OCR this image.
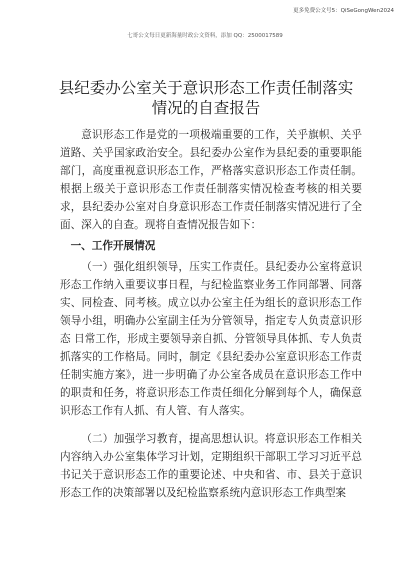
更多免费公文号5：QiSeGongWen2024
七哥公文每日更新海量时政公文资料，添加 QQ：2500017589
县纪委办公室关于意识形态工作责任制落实情况的自查报告

意识形态工作是党的一项极端重要的工作，关乎旗帜、关乎道路、关乎国家政治安全。县纪委办公室作为县纪委的重要职能部门，高度重视意识形态工作，严格落实意识形态工作责任制。根据上级关于意识形态工作责任制落实情况检查考核的相关要求，县纪委办公室对自身意识形态工作责任制落实情况进行了全面、深入的自查。现将自查情况报告如下：

一、工作开展情况

（一）强化组织领导，压实工作责任。县纪委办公室将意识形态工作纳入重要议事日程，与纪检监察业务工作同部署、同落实、同检查、同考核。成立以办公室主任为组长的意识形态工作领导小组，明确办公室副主任为分管领导，指定专人负责意识形态 日常工作，形成主要领导亲自抓、分管领导具体抓、专人负责 抓落实的工作格局。同时，制定《县纪委办公室意识形态工作责 任制实施方案》，进一步明确了办公室各成员在意识形态工作中 的职责和任务，将意识形态工作责任细化分解到每个人，确保意 识形态工作有人抓、有人管、有人落实。

（二）加强学习教育，提高思想认识。将意识形态工作相关内容纳入办公室集体学习计划，定期组织干部职工学习习近平总书记关于意识形态工作的重要论述、中央和省、市、县关于意识形态工作的决策部署以及纪检监察系统内意识形态工作典型案
